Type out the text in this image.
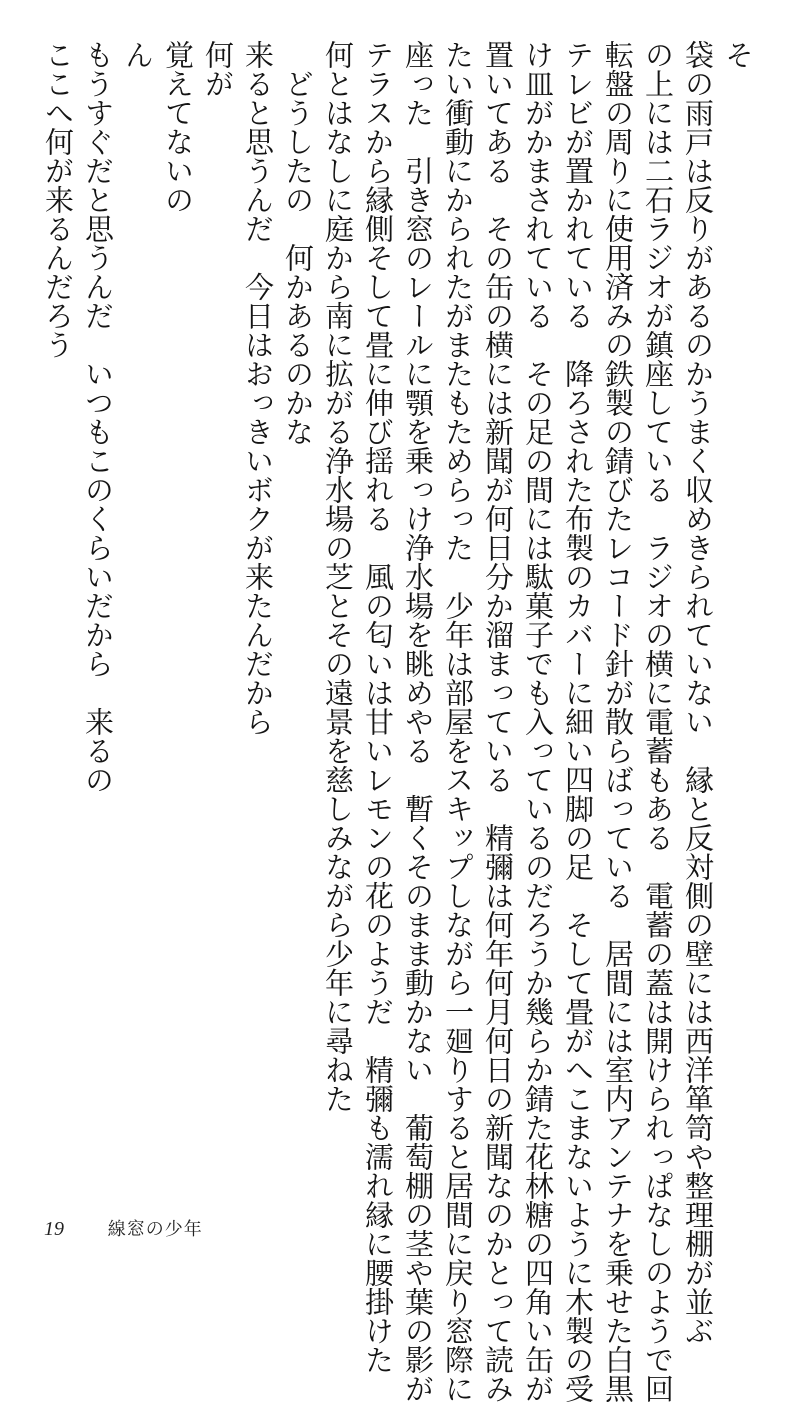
そ
袋の雨戸は反りがあるのかうまく収めきられていない　縁と反対側の壁には西洋箪笥や整理棚が並ぶ
の上には二石ラジオが鎮座している　ラジオの横に電蓄もある　電蓄の蓋は開けられっぱなしのようで回
転盤の周りに使用済みの鉄製の錆びたレコード針が散らばっている　居間には室内アンテナを乗せた白黒
テレビが置かれている　降ろされた布製のカバーに細い四脚の足　そして畳がへこまないように木製の受
け皿がかまされている　その足の間には駄菓子でも入っているのだろうか幾らか錆た花林糖の四角い缶が
置いてある　その缶の横には新聞が何日分か溜まっている　精彌は何年何月何日の新聞なのかとって読み
たい衝動にかられたがまたもためらった　少年は部屋をスキップしながら一廻りすると居間に戻り窓際に
座った　引き窓のレールに顎を乗っけ浄水場を眺めやる　暫くそのまま動かない　葡萄棚の茎や葉の影が
テラスから縁側そして畳に伸び揺れる　風の匂いは甘いレモンの花のようだ　精彌も濡れ縁に腰掛けた
何とはなしに庭から南に拡がる浄水場の芝とその遠景を慈しみながら少年に尋ねた
どうしたの　何かあるのかな
来ると思うんだ　今日はおっきいボクが来たんだから
何が
覚えてないの
ん
もうすぐだと思うんだ　いつもこのくらいだから　来るの
ここへ何が来るんだろう
19 線窓の少年
